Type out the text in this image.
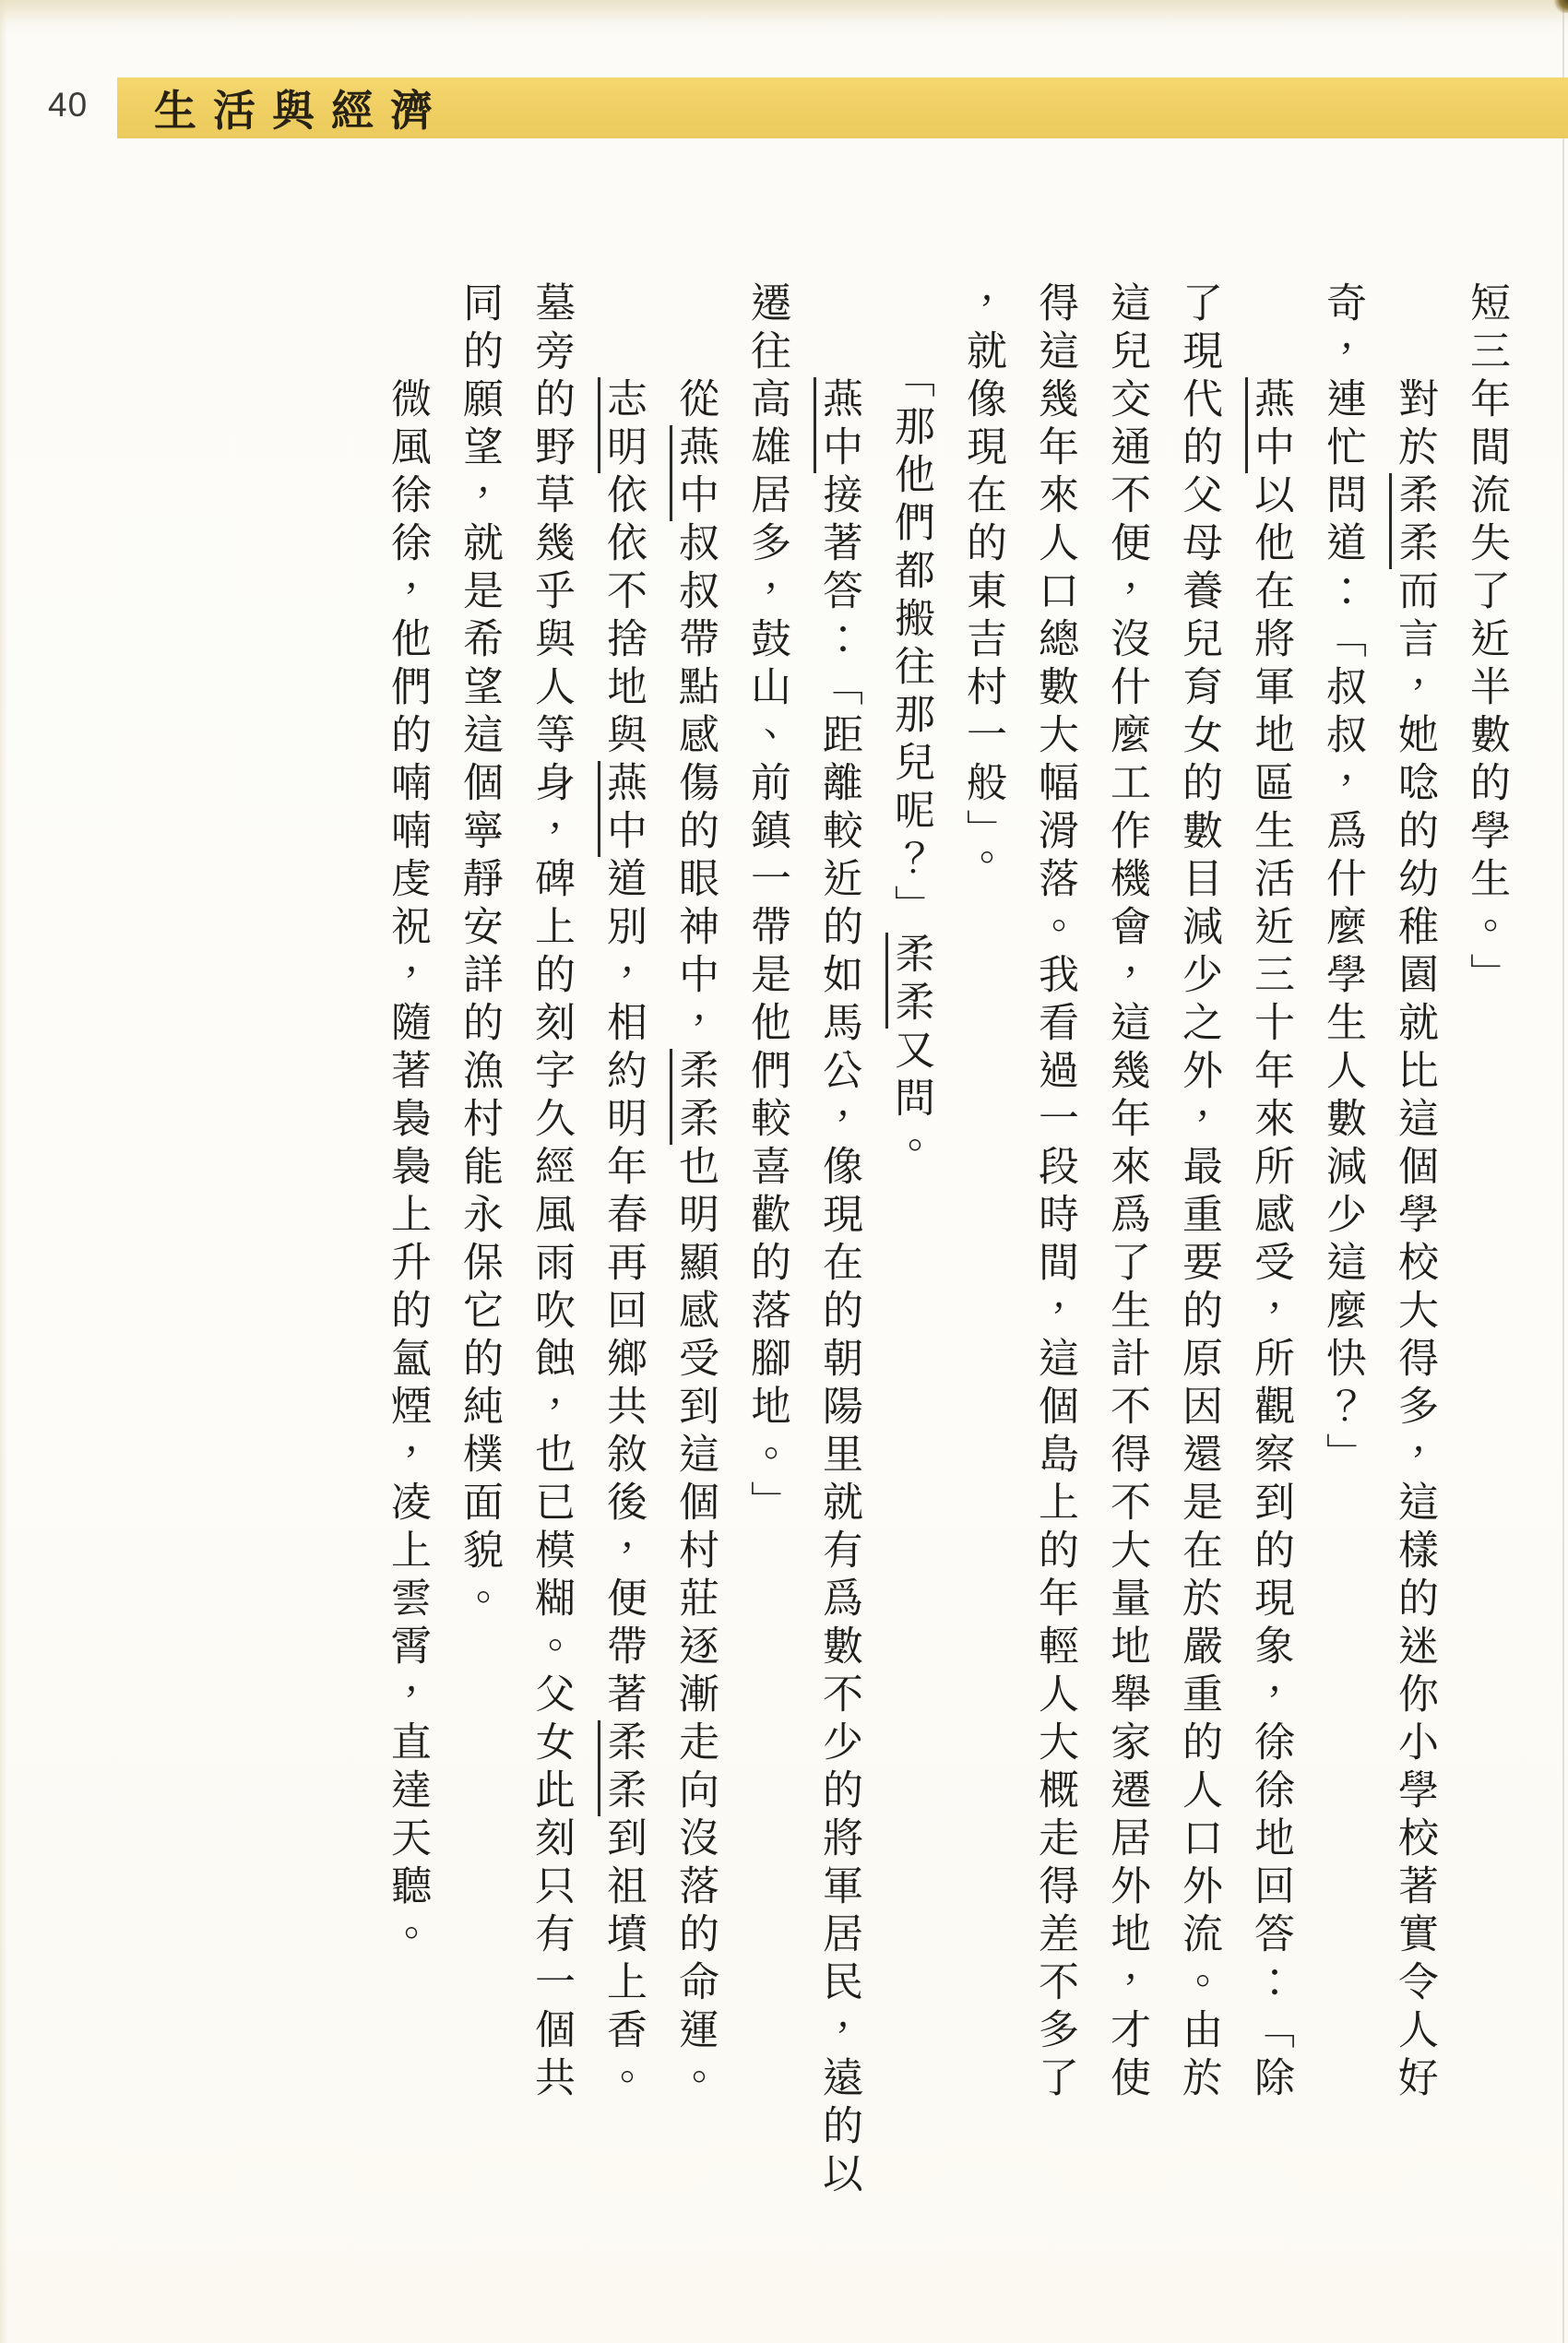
40 生活與經濟
短三年間流失了近半數的學生。」
　　對於柔柔而言，她唸的幼稚園就比這個學校大得多，這樣的迷你小學校著實令人好
奇，連忙問道：「叔叔，爲什麼學生人數減少這麼快？」
　　燕中以他在將軍地區生活近三十年來所感受，所觀察到的現象，徐徐地回答：「除
了現代的父母養兒育女的數目減少之外，最重要的原因還是在於嚴重的人口外流。由於
這兒交通不便，沒什麼工作機會，這幾年來爲了生計不得不大量地舉家遷居外地，才使
得這幾年來人口總數大幅滑落。我看過一段時間，這個島上的年輕人大概走得差不多了
，就像現在的東吉村一般」。
　　「那他們都搬往那兒呢？」柔柔又問。
　　燕中接著答：「距離較近的如馬公，像現在的朝陽里就有爲數不少的將軍居民，遠的以
遷往高雄居多，鼓山、前鎮一帶是他們較喜歡的落腳地。」
　　從燕中叔叔帶點感傷的眼神中，柔柔也明顯感受到這個村莊逐漸走向沒落的命運。
　　志明依依不捨地與燕中道別，相約明年春再回鄉共敘後，便帶著柔柔到祖墳上香。
墓旁的野草幾乎與人等身，碑上的刻字久經風雨吹蝕，也已模糊。父女此刻只有一個共
同的願望，就是希望這個寧靜安詳的漁村能永保它的純樸面貌。
　　微風徐徐，他們的喃喃虔祝，隨著裊裊上升的氳煙，凌上雲霄，直達天聽。
